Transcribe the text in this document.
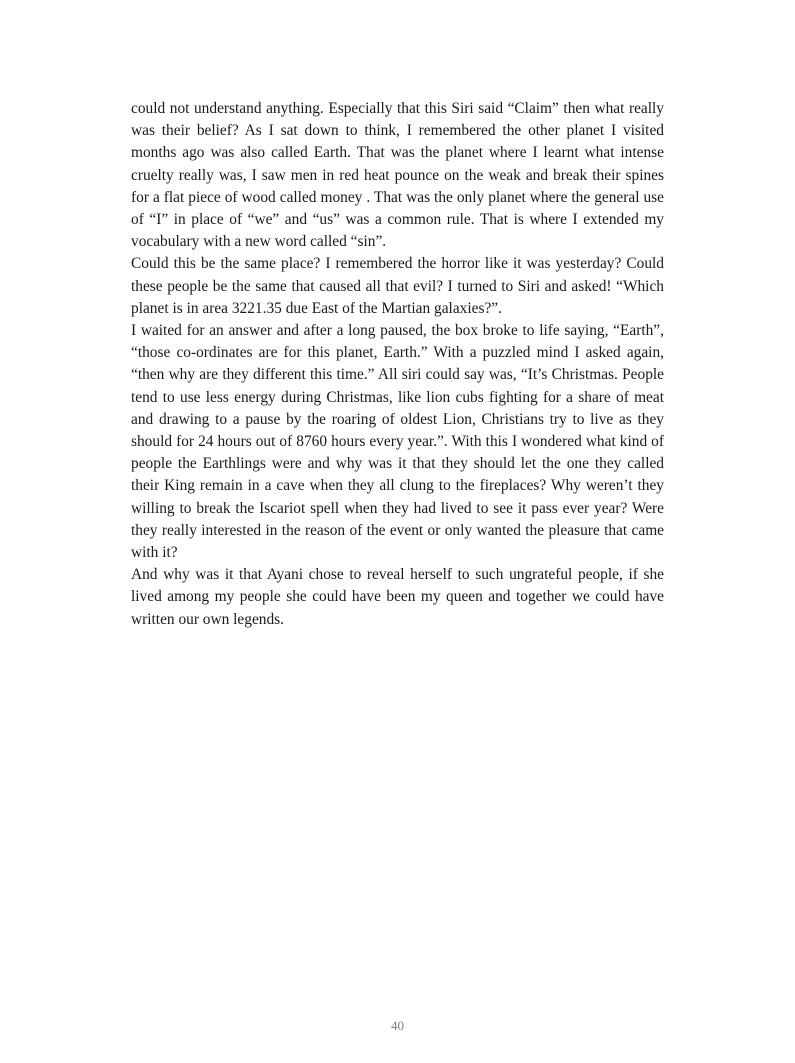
could not understand anything. Especially that this Siri said “Claim” then what really was their belief? As I sat down to think, I remembered the other planet I visited months ago was also called Earth. That was the planet where I learnt what intense cruelty really was, I saw men in red heat pounce on the weak and break their spines for a flat piece of wood called money . That was the only planet where the general use of “I” in place of “we” and “us” was a common rule. That is where I extended my vocabulary with a new word called “sin”.

Could this be the same place? I remembered the horror like it was yesterday? Could these people be the same that caused all that evil? I turned to Siri and asked! “Which planet is in area 3221.35 due East of the Martian galaxies?”.

I waited for an answer and after a long paused, the box broke to life saying, “Earth”, “those co-ordinates are for this planet, Earth.” With a puzzled mind I asked again, “then why are they different this time.” All siri could say was, “It’s Christmas. People tend to use less energy during Christmas, like lion cubs fighting for a share of meat and drawing to a pause by the roaring of oldest Lion, Christians try to live as they should for 24 hours out of 8760 hours every year.”. With this I wondered what kind of people the Earthlings were and why was it that they should let the one they called their King remain in a cave when they all clung to the fireplaces? Why weren’t they willing to break the Iscariot spell when they had lived to see it pass ever year? Were they really interested in the reason of the event or only wanted the pleasure that came with it?

And why was it that Ayani chose to reveal herself to such ungrateful people, if she lived among my people she could have been my queen and together we could have written our own legends.

40
